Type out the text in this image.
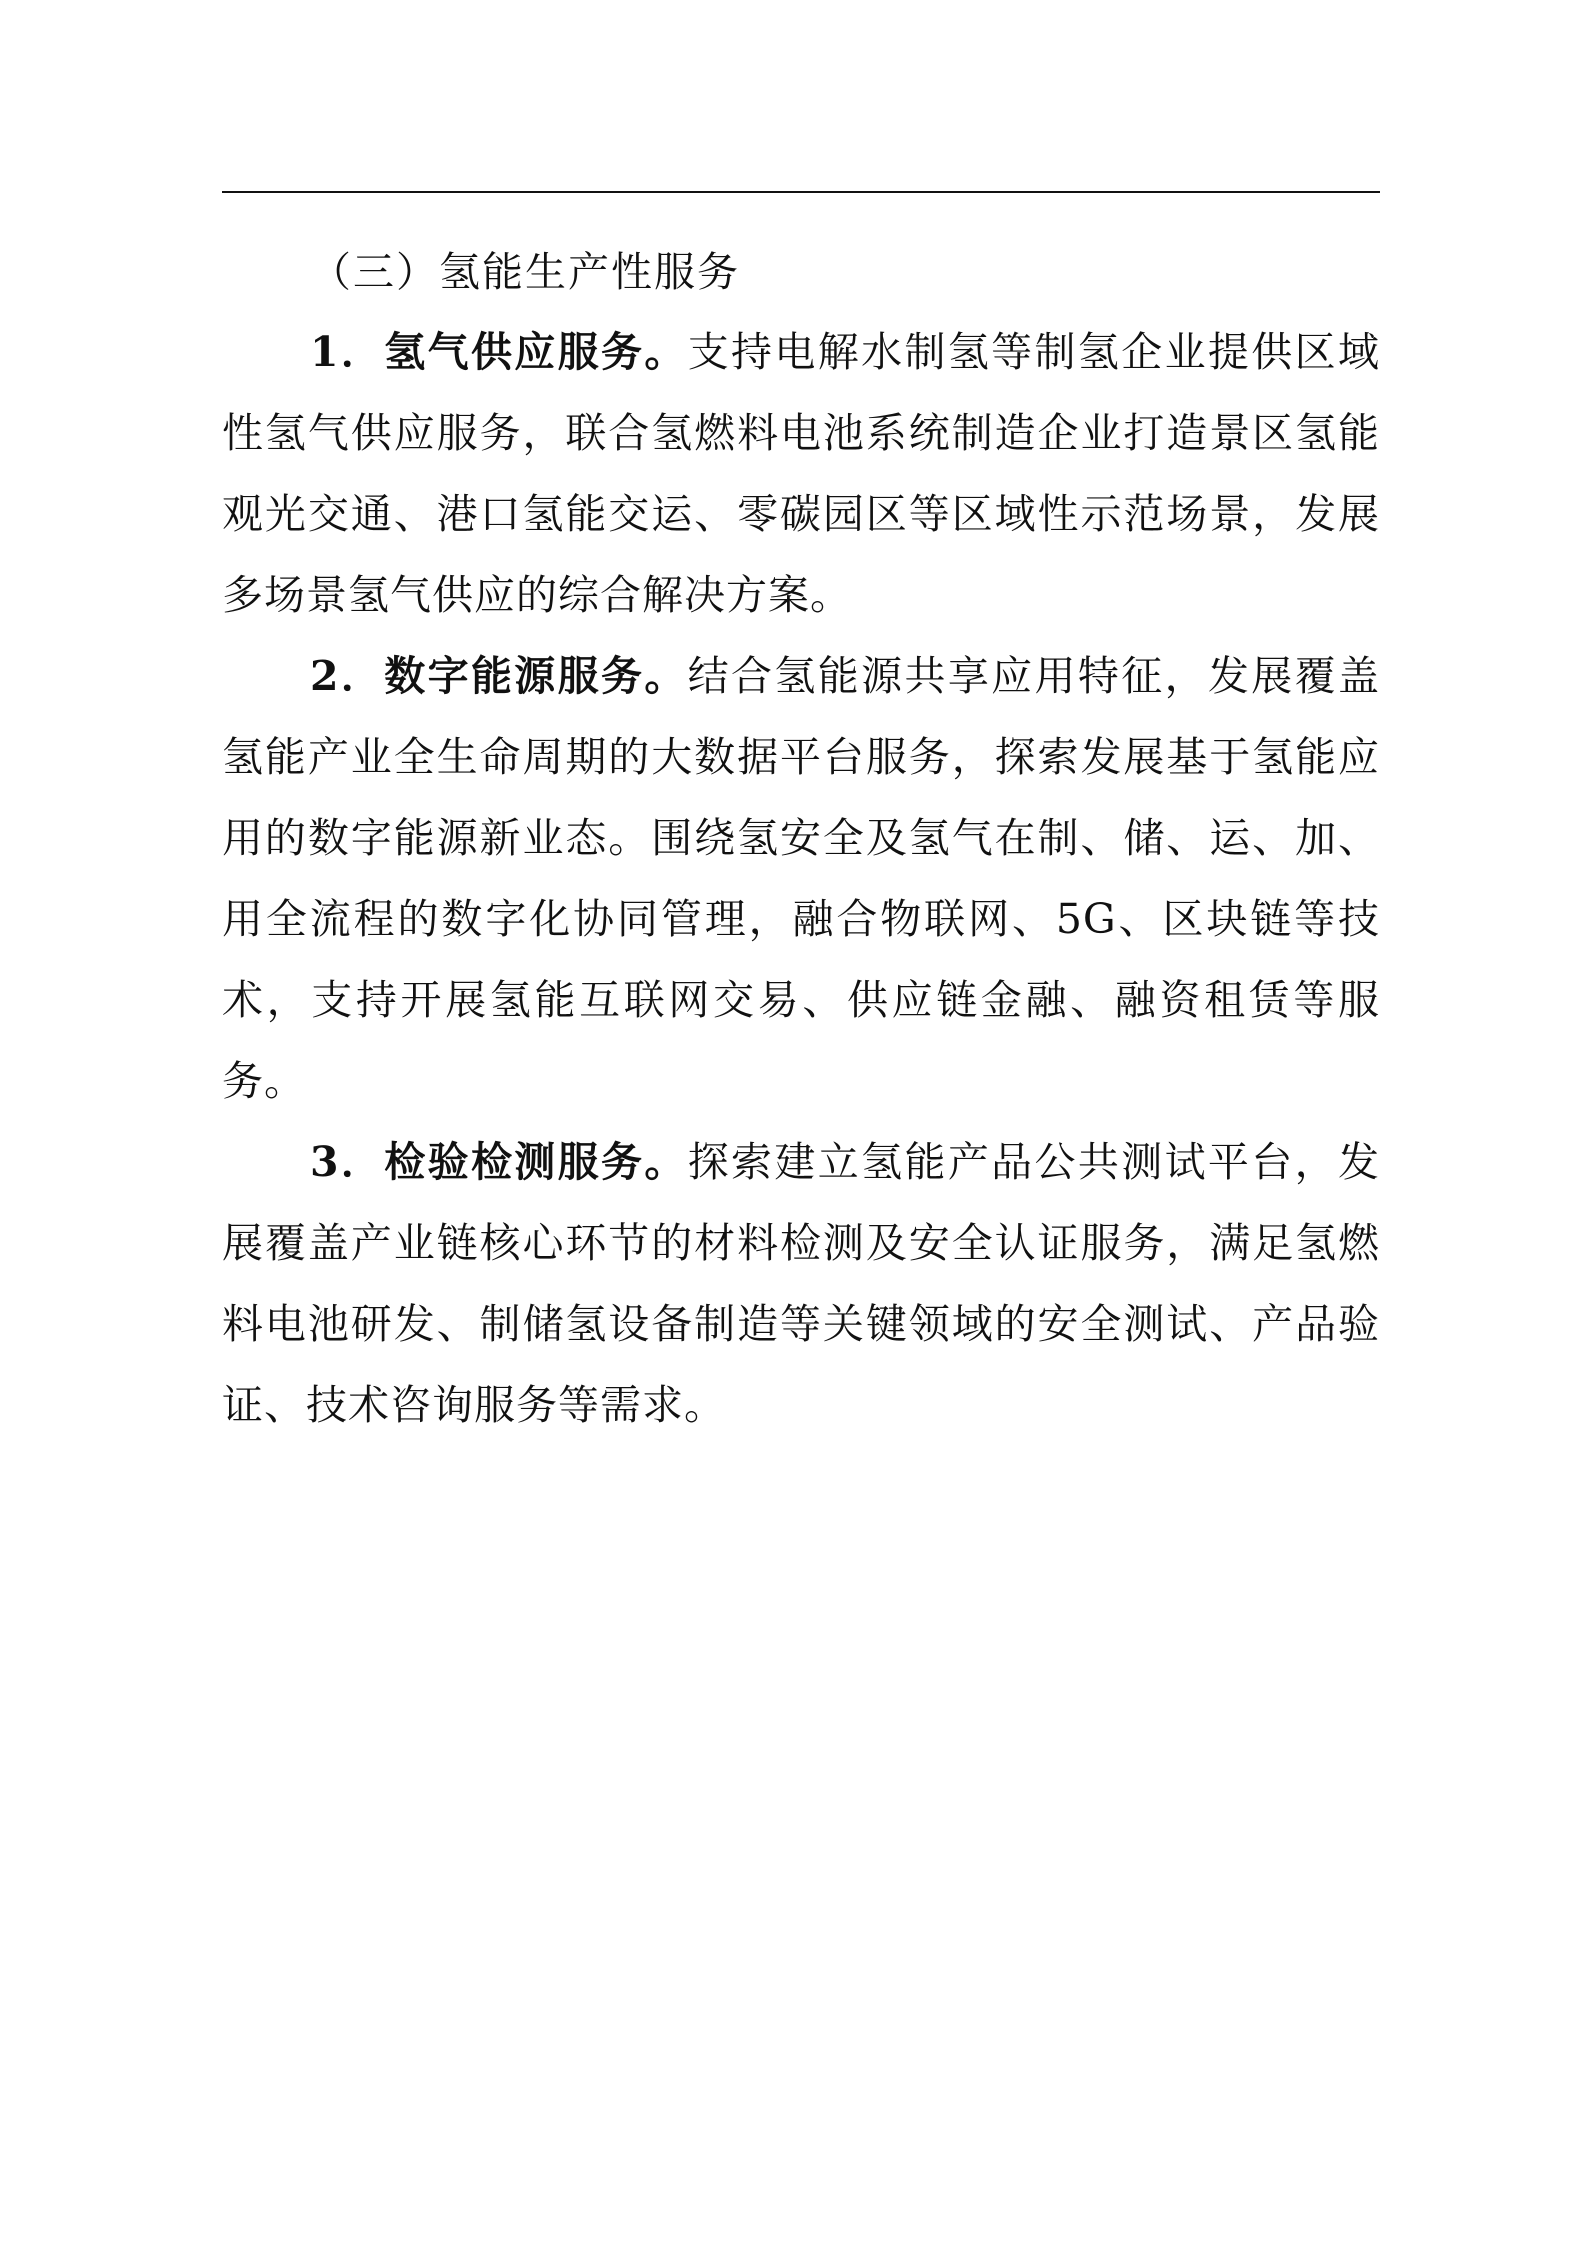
（三）氢能生产性服务

1．氢气供应服务。支持电解水制氢等制氢企业提供区域性氢气供应服务，联合氢燃料电池系统制造企业打造景区氢能观光交通、港口氢能交运、零碳园区等区域性示范场景，发展多场景氢气供应的综合解决方案。

2．数字能源服务。结合氢能源共享应用特征，发展覆盖氢能产业全生命周期的大数据平台服务，探索发展基于氢能应用的数字能源新业态。围绕氢安全及氢气在制、储、运、加、用全流程的数字化协同管理，融合物联网、5G、区块链等技术，支持开展氢能互联网交易、供应链金融、融资租赁等服务。

3．检验检测服务。探索建立氢能产品公共测试平台，发展覆盖产业链核心环节的材料检测及安全认证服务，满足氢燃料电池研发、制储氢设备制造等关键领域的安全测试、产品验证、技术咨询服务等需求。
